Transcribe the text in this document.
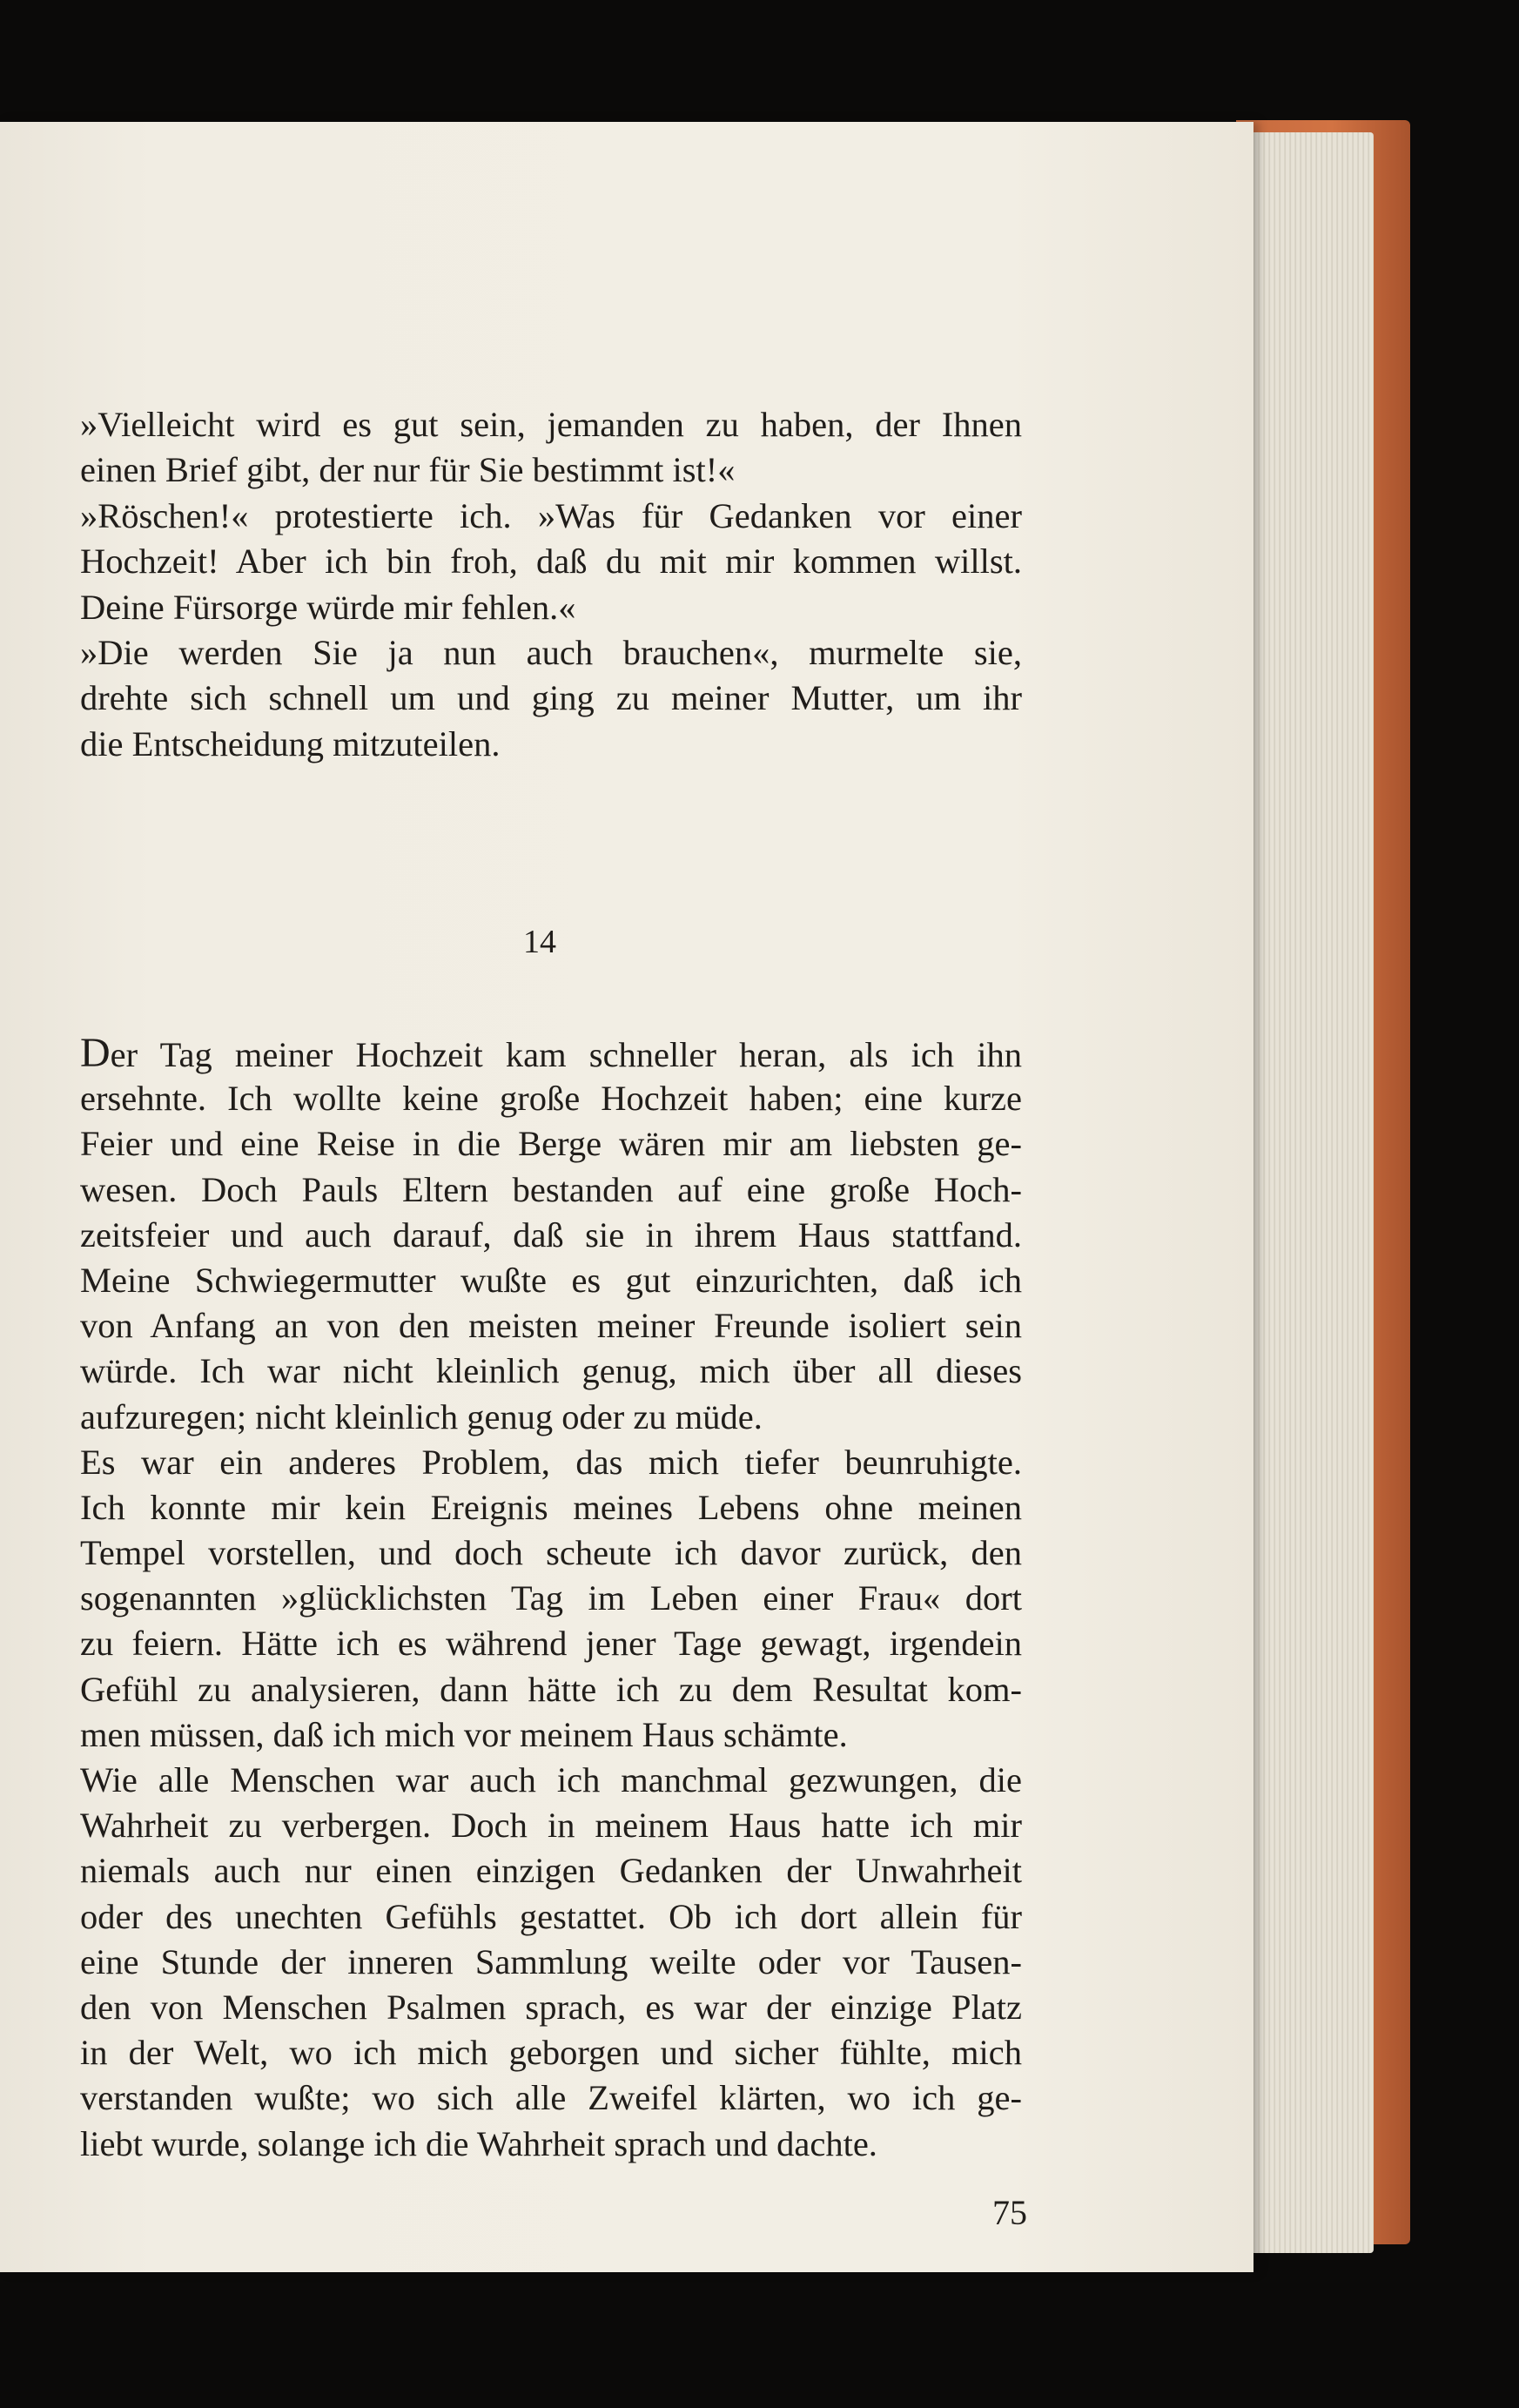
»Vielleicht wird es gut sein, jemanden zu haben, der Ihnen
einen Brief gibt, der nur für Sie bestimmt ist!«
»Röschen!« protestierte ich. »Was für Gedanken vor einer
Hochzeit! Aber ich bin froh, daß du mit mir kommen willst.
Deine Fürsorge würde mir fehlen.«
»Die werden Sie ja nun auch brauchen«, murmelte sie,
drehte sich schnell um und ging zu meiner Mutter, um ihr
die Entscheidung mitzuteilen.
14
Der Tag meiner Hochzeit kam schneller heran, als ich ihn
ersehnte. Ich wollte keine große Hochzeit haben; eine kurze
Feier und eine Reise in die Berge wären mir am liebsten ge-
wesen. Doch Pauls Eltern bestanden auf eine große Hoch-
zeitsfeier und auch darauf, daß sie in ihrem Haus stattfand.
Meine Schwiegermutter wußte es gut einzurichten, daß ich
von Anfang an von den meisten meiner Freunde isoliert sein
würde. Ich war nicht kleinlich genug, mich über all dieses
aufzuregen; nicht kleinlich genug oder zu müde.
Es war ein anderes Problem, das mich tiefer beunruhigte.
Ich konnte mir kein Ereignis meines Lebens ohne meinen
Tempel vorstellen, und doch scheute ich davor zurück, den
sogenannten »glücklichsten Tag im Leben einer Frau« dort
zu feiern. Hätte ich es während jener Tage gewagt, irgendein
Gefühl zu analysieren, dann hätte ich zu dem Resultat kom-
men müssen, daß ich mich vor meinem Haus schämte.
Wie alle Menschen war auch ich manchmal gezwungen, die
Wahrheit zu verbergen. Doch in meinem Haus hatte ich mir
niemals auch nur einen einzigen Gedanken der Unwahrheit
oder des unechten Gefühls gestattet. Ob ich dort allein für
eine Stunde der inneren Sammlung weilte oder vor Tausen-
den von Menschen Psalmen sprach, es war der einzige Platz
in der Welt, wo ich mich geborgen und sicher fühlte, mich
verstanden wußte; wo sich alle Zweifel klärten, wo ich ge-
liebt wurde, solange ich die Wahrheit sprach und dachte.
75
